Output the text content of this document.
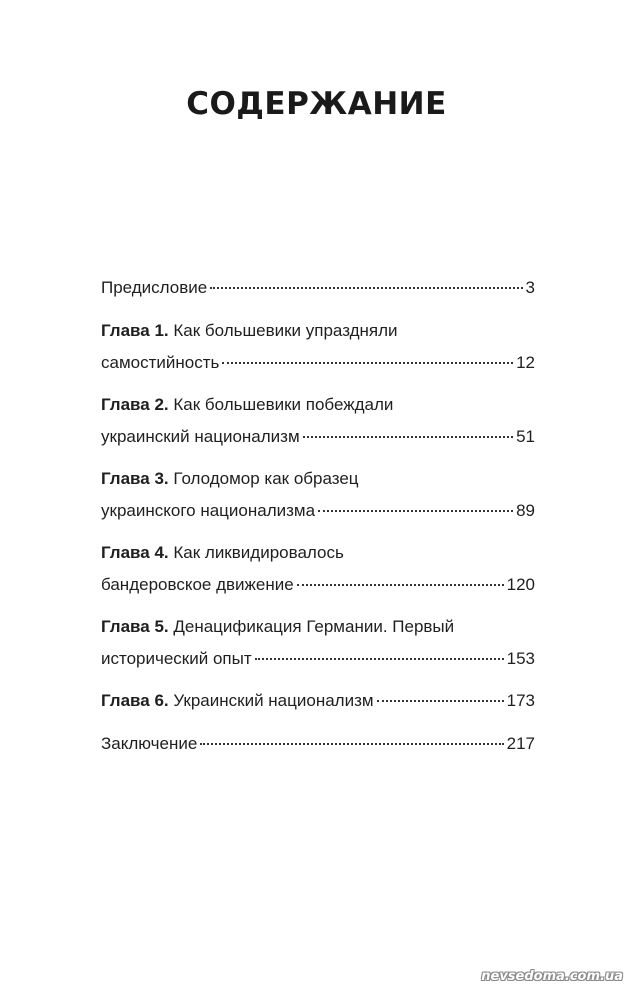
СОДЕРЖАНИЕ
Предисловие	3
Глава 1.
Как большевики упраздняли
самостийность	12
Глава 2.
Как большевики побеждали
украинский национализм	51
Глава 3.
Голодомор как образец
украинского национализма	89
Глава 4.
Как ликвидировалось
бандеровское движение	120
Глава 5.
Денацификация Германии. Первый
исторический опыт	153
Глава 6.
Украинский национализм	173
Заключение	217
nevsedoma.com.ua
